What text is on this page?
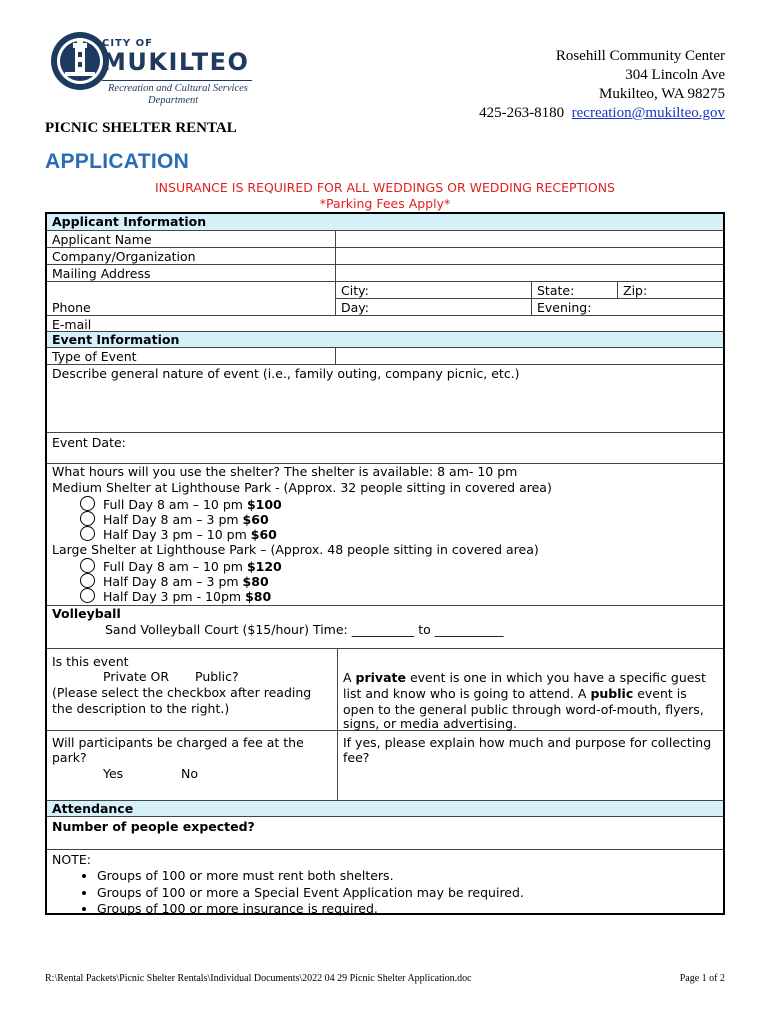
CITY OF
MUKILTEO
Recreation and Cultural Services
Department
Rosehill Community Center
304 Lincoln Ave
Mukilteo, WA 98275
425-263-8180 recreation@mukilteo.gov
PICNIC SHELTER RENTAL
APPLICATION
INSURANCE IS REQUIRED FOR ALL WEDDINGS OR WEDDING RECEPTIONS
*Parking Fees Apply*
Applicant Information
Applicant Name
Company/Organization
Mailing Address
City:	State:	Zip:
Phone	Day:	Evening:
E-mail
Event Information
Type of Event
Describe general nature of event (i.e., family outing, company picnic, etc.)
Event Date:
What hours will you use the shelter? The shelter is available: 8 am- 10 pm
Medium Shelter at Lighthouse Park - (Approx. 32 people sitting in covered area)
Full Day 8 am – 10 pm $100
Half Day 8 am – 3 pm $60
Half Day 3 pm – 10 pm $60
Large Shelter at Lighthouse Park – (Approx. 48 people sitting in covered area)
Full Day 8 am – 10 pm $120
Half Day 8 am – 3 pm $80
Half Day 3 pm - 10pm $80
Volleyball
Sand Volleyball Court ($15/hour) Time: __________ to ___________
Is this event
Private OR Public?
(Please select the checkbox after reading
the description to the right.)
A private event is one in which you have a specific guest
list and know who is going to attend. A public event is
open to the general public through word-of-mouth, flyers,
signs, or media advertising.
Will participants be charged a fee at the
park?
Yes	No
If yes, please explain how much and purpose for collecting
fee?
Attendance
Number of people expected?
NOTE:
• Groups of 100 or more must rent both shelters.
• Groups of 100 or more a Special Event Application may be required.
• Groups of 100 or more insurance is required.
R:\Rental Packets\Picnic Shelter Rentals\Individual Documents\2022 04 29 Picnic Shelter Application.doc	Page 1 of 2
